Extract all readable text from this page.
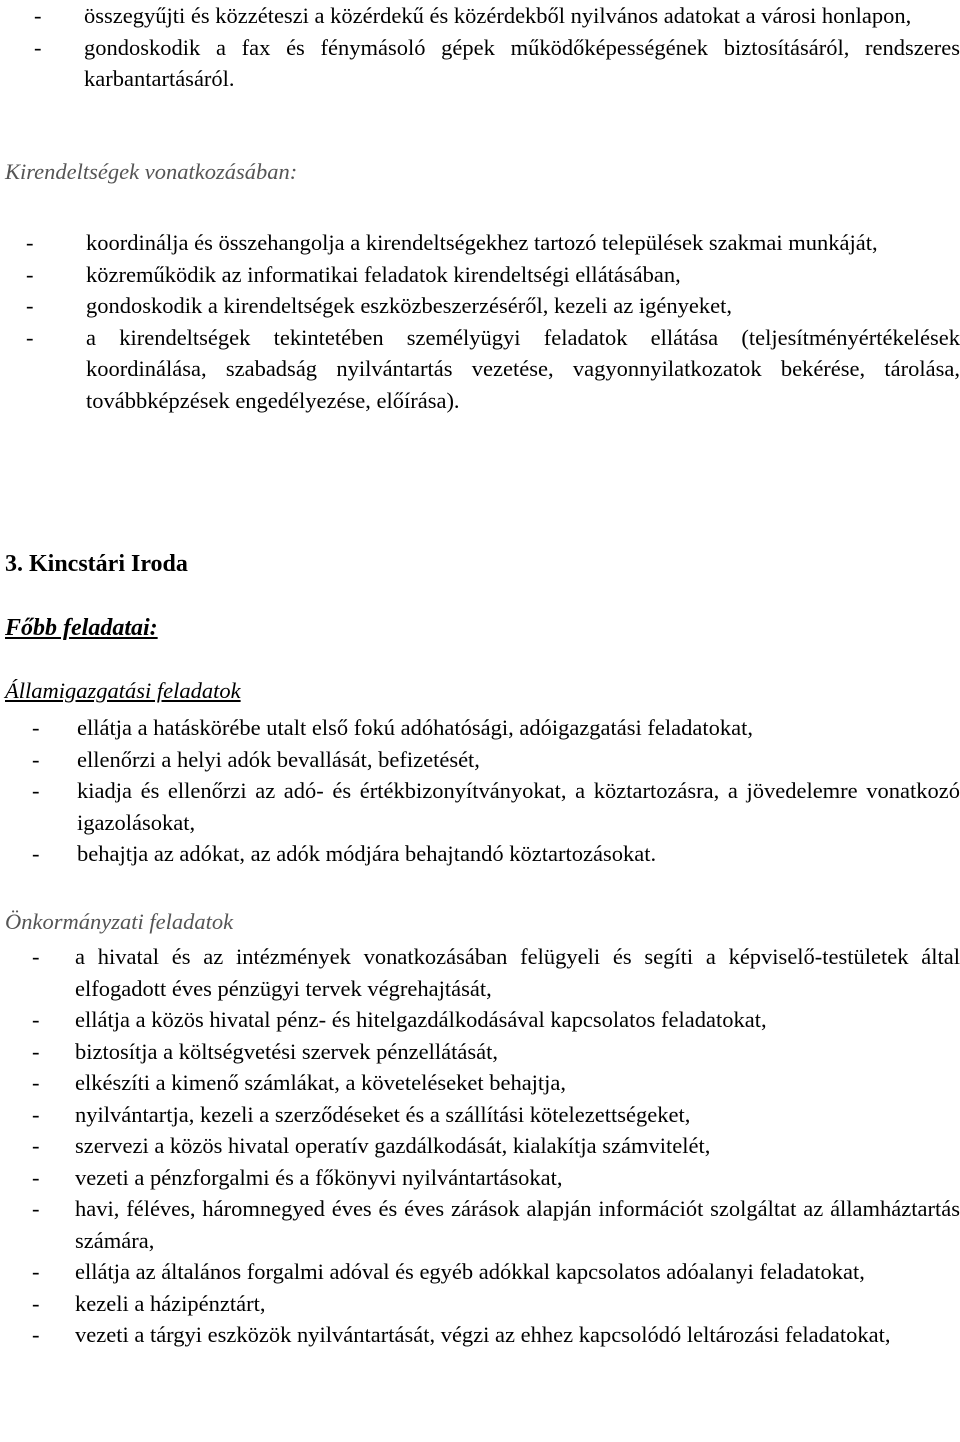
- összegyűjti és közzéteszi a közérdekű és közérdekből nyilvános adatokat a városi honlapon,
- gondoskodik a fax és fénymásoló gépek működőképességének biztosításáról, rendszeres karbantartásáról.
Kirendeltségek vonatkozásában:
- koordinálja és összehangolja a kirendeltségekhez tartozó települések szakmai munkáját,
- közreműködik az informatikai feladatok kirendeltségi ellátásában,
- gondoskodik a kirendeltségek eszközbeszerzéséről, kezeli az igényeket,
- a kirendeltségek tekintetében személyügyi feladatok ellátása (teljesítményértékelések koordinálása, szabadság nyilvántartás vezetése, vagyonnyilatkozatok bekérése, tárolása, továbbképzések engedélyezése, előírása).
3. Kincstári Iroda
Főbb feladatai:
Államigazgatási feladatok
- ellátja a hatáskörébe utalt első fokú adóhatósági, adóigazgatási feladatokat,
- ellenőrzi a helyi adók bevallását, befizetését,
- kiadja és ellenőrzi az adó- és értékbizonyítványokat, a köztartozásra, a jövedelemre vonatkozó igazolásokat,
- behajtja az adókat, az adók módjára behajtandó köztartozásokat.
Önkormányzati feladatok
- a hivatal és az intézmények vonatkozásában felügyeli és segíti a képviselő-testületek által elfogadott éves pénzügyi tervek végrehajtását,
- ellátja a közös hivatal pénz- és hitelgazdálkodásával kapcsolatos feladatokat,
- biztosítja a költségvetési szervek pénzellátását,
- elkészíti a kimenő számlákat, a követeléseket behajtja,
- nyilvántartja, kezeli a szerződéseket és a szállítási kötelezettségeket,
- szervezi a közös hivatal operatív gazdálkodását, kialakítja számvitelét,
- vezeti a pénzforgalmi és a főkönyvi nyilvántartásokat,
- havi, féléves, háromnegyed éves és éves zárások alapján információt szolgáltat az államháztartás számára,
- ellátja az általános forgalmi adóval és egyéb adókkal kapcsolatos adóalanyi feladatokat,
- kezeli a házipénztárt,
- vezeti a tárgyi eszközök nyilvántartását, végzi az ehhez kapcsolódó leltározási feladatokat,
